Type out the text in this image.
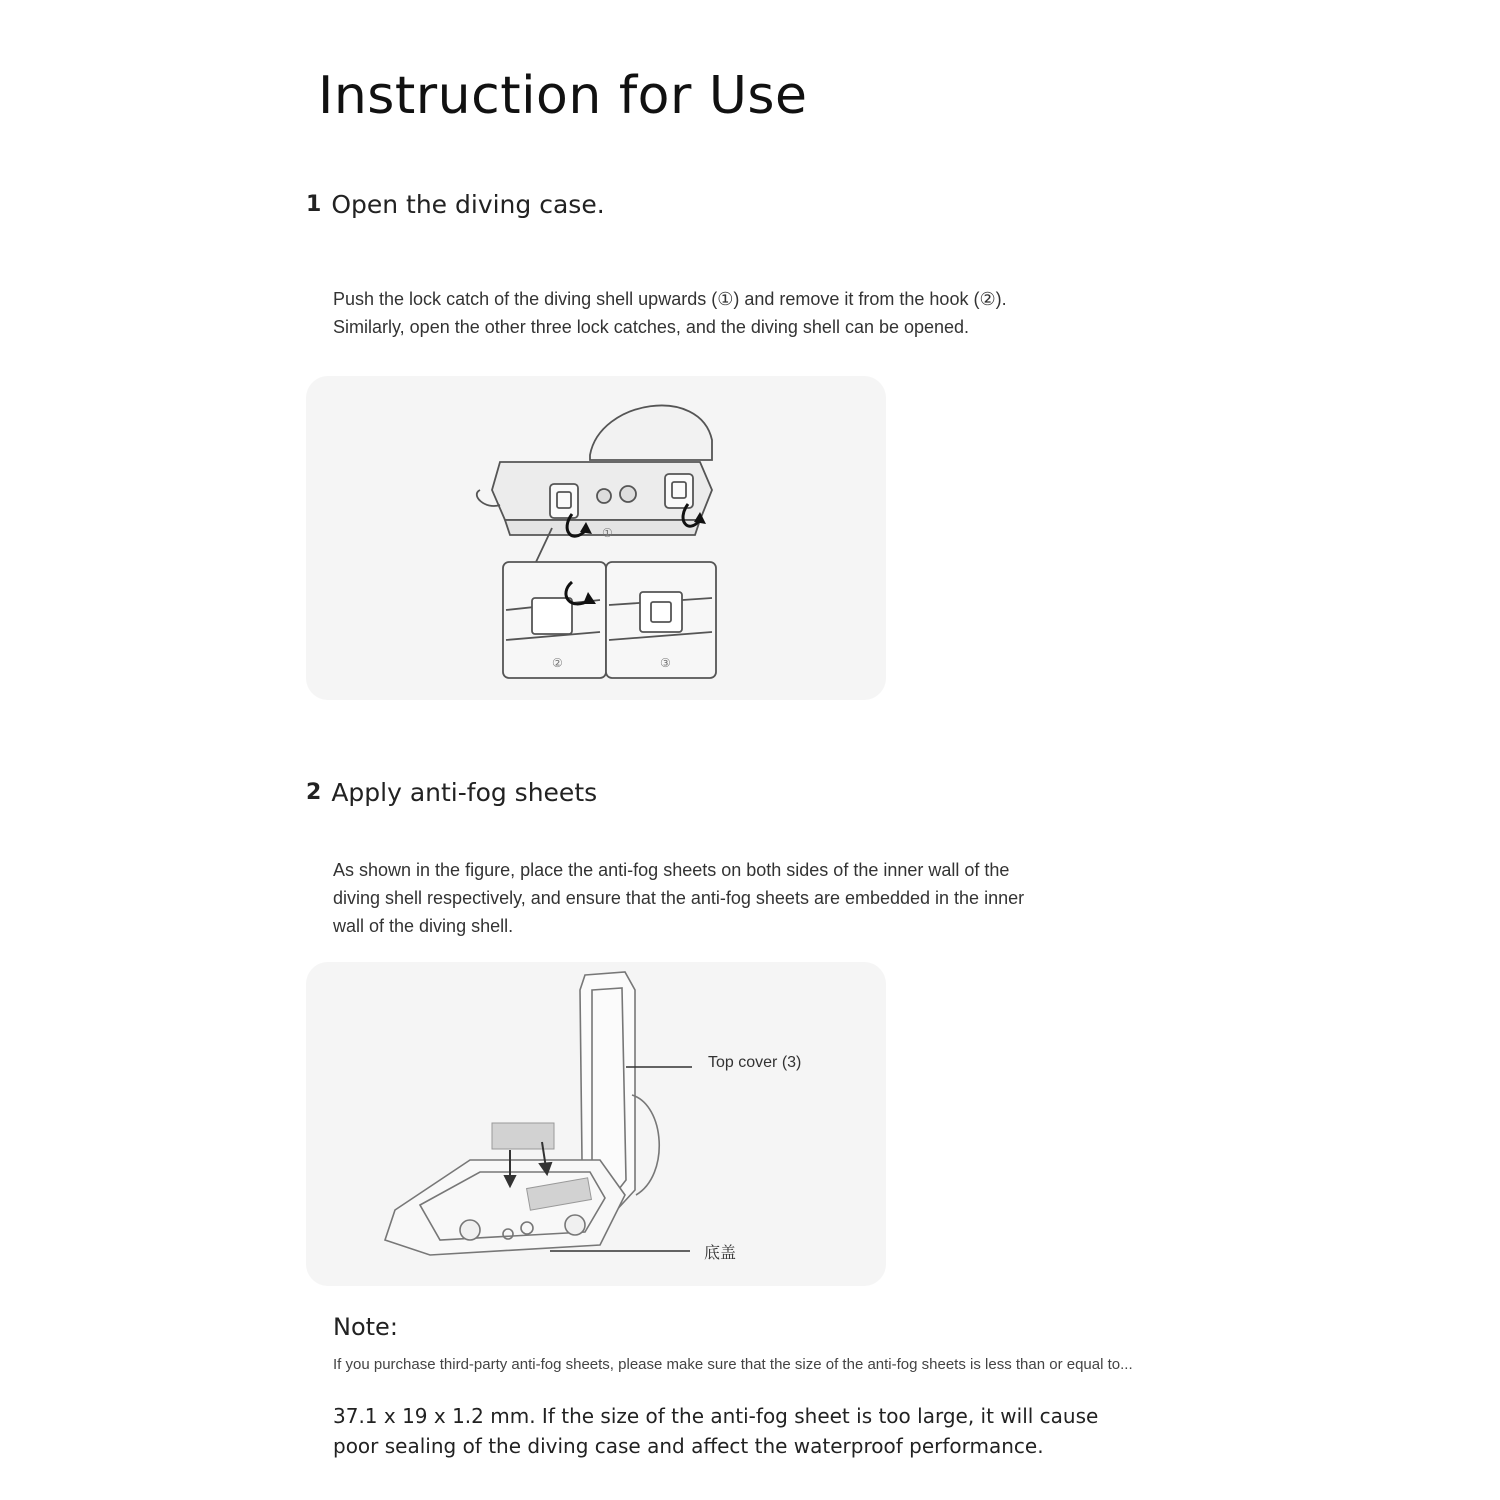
Instruction for Use
1 Open the diving case.
Push the lock catch of the diving shell upwards (①) and remove it from the hook (②).
Similarly, open the other three lock catches, and the diving shell can be opened.
①
②	③
2 Apply anti-fog sheets
As shown in the figure, place the anti-fog sheets on both sides of the inner wall of the
diving shell respectively, and ensure that the anti-fog sheets are embedded in the inner
wall of the diving shell.
Top cover (3)
底盖
Note:
If you purchase third-party anti-fog sheets, please make sure that the size of the anti-fog sheets is less than or equal to...
37.1 x 19 x 1.2 mm. If the size of the anti-fog sheet is too large, it will cause
poor sealing of the diving case and affect the waterproof performance.
